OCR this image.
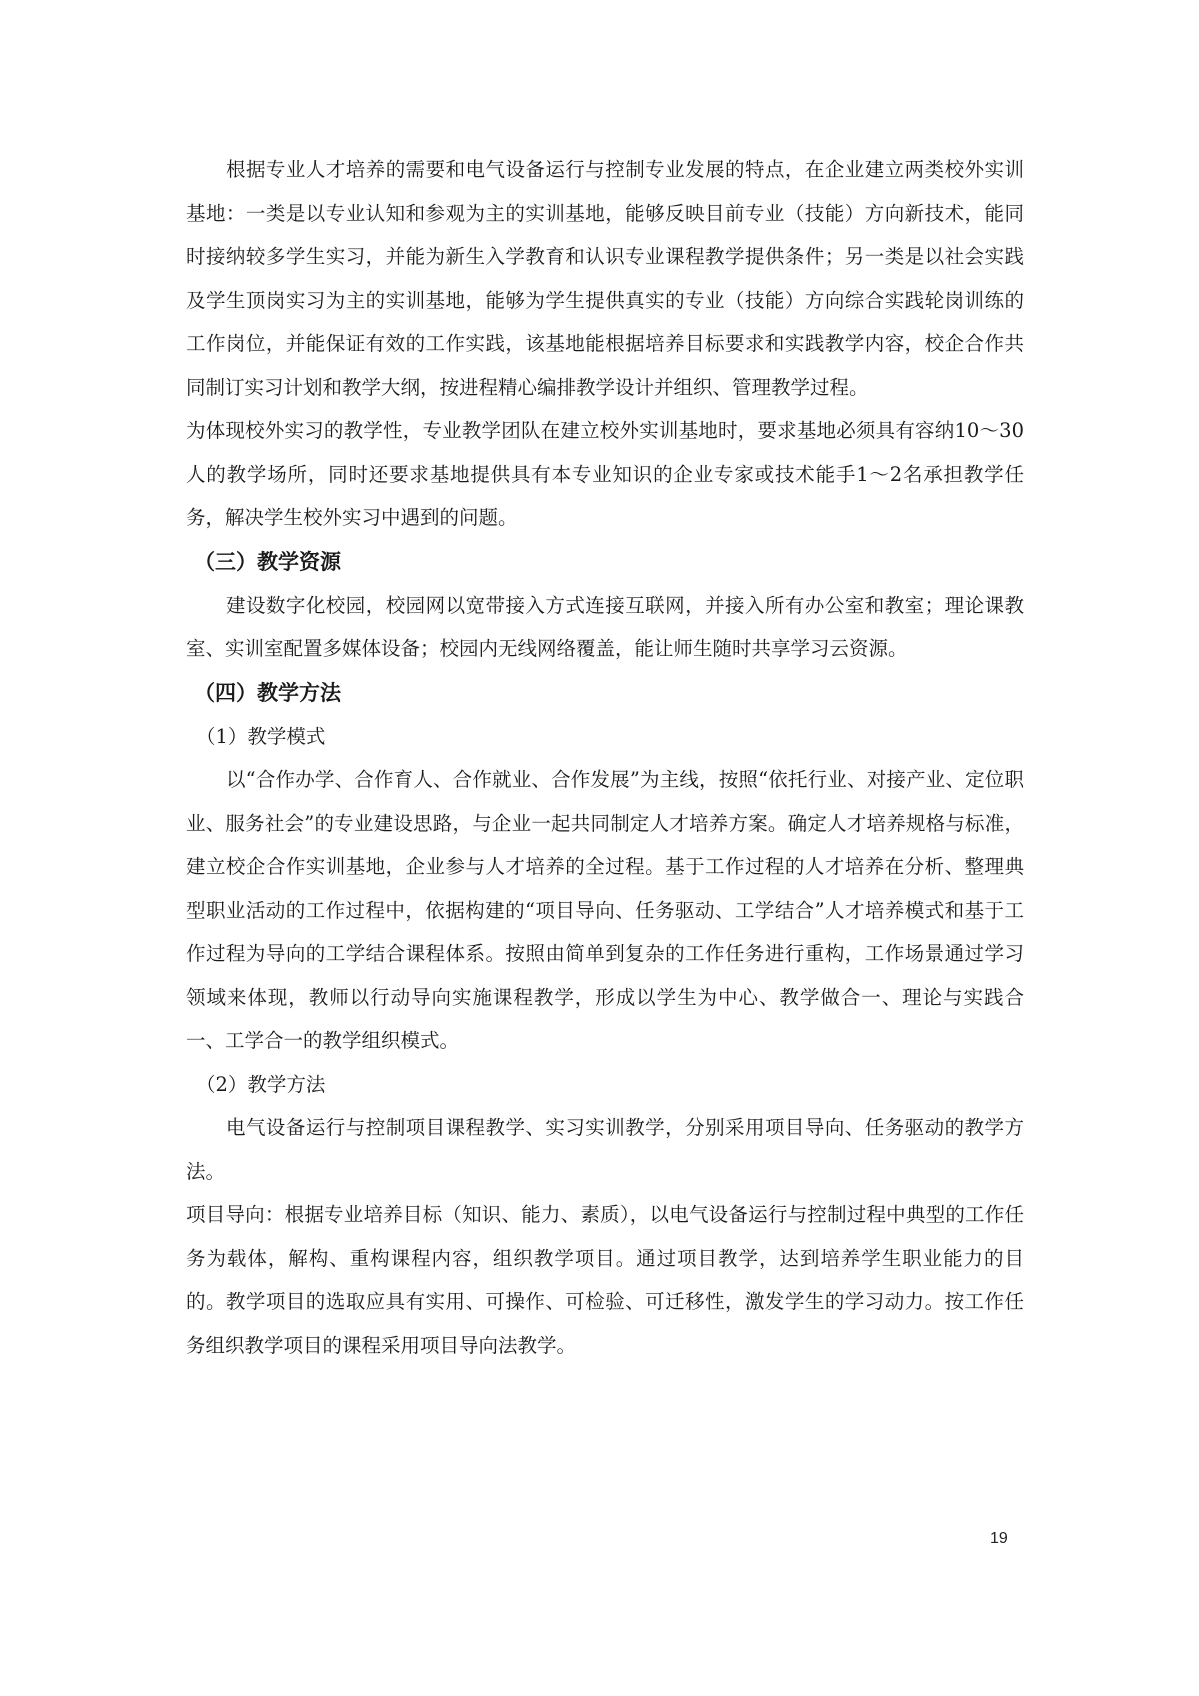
根据专业人才培养的需要和电气设备运行与控制专业发展的特点，在企业建立两类校外实训基地：一类是以专业认知和参观为主的实训基地，能够反映目前专业（技能）方向新技术，能同时接纳较多学生实习，并能为新生入学教育和认识专业课程教学提供条件；另一类是以社会实践及学生顶岗实习为主的实训基地，能够为学生提供真实的专业（技能）方向综合实践轮岗训练的工作岗位，并能保证有效的工作实践，该基地能根据培养目标要求和实践教学内容，校企合作共同制订实习计划和教学大纲，按进程精心编排教学设计并组织、管理教学过程。

为体现校外实习的教学性，专业教学团队在建立校外实训基地时，要求基地必须具有容纳10～30人的教学场所，同时还要求基地提供具有本专业知识的企业专家或技术能手1～2名承担教学任务，解决学生校外实习中遇到的问题。

（三）教学资源

建设数字化校园，校园网以宽带接入方式连接互联网，并接入所有办公室和教室；理论课教室、实训室配置多媒体设备；校园内无线网络覆盖，能让师生随时共享学习云资源。

（四）教学方法

（1）教学模式

以“合作办学、合作育人、合作就业、合作发展”为主线，按照“依托行业、对接产业、定位职业、服务社会”的专业建设思路，与企业一起共同制定人才培养方案。确定人才培养规格与标准，建立校企合作实训基地，企业参与人才培养的全过程。基于工作过程的人才培养在分析、整理典型职业活动的工作过程中，依据构建的“项目导向、任务驱动、工学结合”人才培养模式和基于工作过程为导向的工学结合课程体系。按照由简单到复杂的工作任务进行重构，工作场景通过学习领域来体现，教师以行动导向实施课程教学，形成以学生为中心、教学做合一、理论与实践合一、工学合一的教学组织模式。

（2）教学方法

电气设备运行与控制项目课程教学、实习实训教学，分别采用项目导向、任务驱动的教学方法。

项目导向：根据专业培养目标（知识、能力、素质），以电气设备运行与控制过程中典型的工作任务为载体，解构、重构课程内容，组织教学项目。通过项目教学，达到培养学生职业能力的目的。教学项目的选取应具有实用、可操作、可检验、可迁移性，激发学生的学习动力。按工作任务组织教学项目的课程采用项目导向法教学。

19
